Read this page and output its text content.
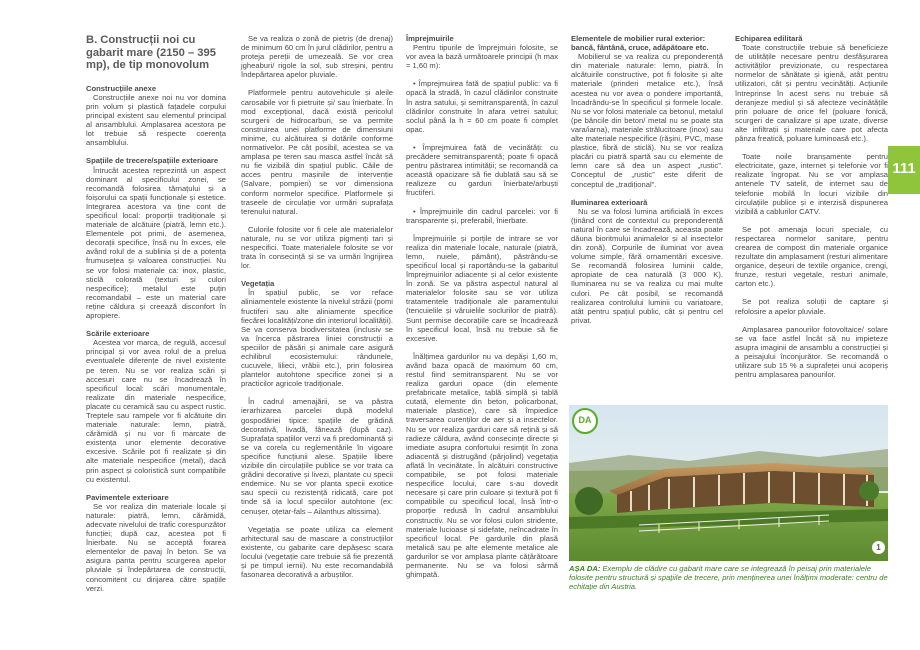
111
B. Construcții noi cu gabarit mare (2150 – 395 mp), de tip monovolum
Construcțiile anexe
Construcțiile anexe noi nu vor domina prin volum și plastică fațadele corpului principal existent sau elementul principal al ansamblului. Amplasarea acestora pe lot trebuie să respecte coerența ansamblului.
Spațiile de trecere/spațiile exterioare
Întrucât acestea reprezintă un aspect dominant al specificului zonei, se recomandă folosirea tărnațului și a foișorului ca spații funcționale și estetice. Integrarea acestora va ține cont de specificul local: proporții tradiționale și materiale de alcătuire (piatră, lemn etc.). Elementele pot primi, de asemenea, decorații specifice, însă nu în exces, ele având rolul de a sublinia și de a potența frumusețea și valoarea construcției. Nu se vor folosi materiale ca: inox, plastic, sticlă colorată (texturi și culori nespecifice); metalul este puțin recomandabil – este un material care reține căldura și creează disconfort în apropiere.
Scările exterioare
Acestea vor marca, de regulă, accesul principal și vor avea rolul de a prelua eventualele diferențe de nivel existente pe teren. Nu se vor realiza scări și accesuri care nu se încadrează în specificul local: scări monumentale, realizate din materiale nespecifice, placate cu ceramică sau cu aspect rustic. Treptele sau rampele vor fi alcătuite din materiale naturale: lemn, piatră, cărămidă și nu vor fi marcate de existența unor elemente decorative excesive. Scările pot fi realizate și din alte materiale nespecifice (metal), dacă prin aspect și coloristică sunt compatibile cu existentul.
Pavimentele exterioare
Se vor realiza din materiale locale și naturale: piatră, lemn, cărămidă, adecvate nivelului de trafic corespunzător funcției; după caz, acestea pot fi înierbate. Nu se acceptă fixarea elementelor de pavaj în beton. Se va asigura panta pentru scurgerea apelor pluviale și îndepărtarea de construcții, concomitent cu dirijarea către spațiile verzi.
Se va realiza o zonă de pietriș (de drenaj) de minimum 60 cm în jurul clădirilor, pentru a proteja pereții de umezeală. Se vor crea jgheaburi/ rigole la sol, sub streșini, pentru îndepărtarea apelor pluviale.
Platformele pentru autovehicule și aleile carosabile vor fi pietruite și/ sau înierbate. În mod excepțional, dacă există pericolul scurgerii de hidrocarburi, se va permite construirea unei platforme de dimensiuni minime, cu alcătuirea și dotările conforme normativelor. Pe cât posibil, acestea se va amplasa pe teren sau masca astfel încât să nu fie vizibilă din spațiul public. Căile de acces pentru mașinile de intervenție (Salvare, pompieri) se vor dimensiona conform normelor specifice. Platformele și traseele de circulație vor urmări suprafața terenului natural.
Culorile folosite vor fi cele ale materialelor naturale, nu se vor utiliza pigmenți tari și nespecifici. Toate materialele folosite se vor trata în consecință și se va urmări îngrijirea lor.
Vegetația
În spațiul public, se vor reface aliniamentele existente la nivelul străzii (pomi fructiferi sau alte aliniamente specifice fiecărei localități/zone din interiorul localității). Se va conserva biodiversitatea (inclusiv se va încerca păstrarea liniei construcții a speciilor de păsări și animale care asigură echilibrul ecosistemului: rândunele, cucuvele, lilieci, vrăbii etc.), prin folosirea plantelor autohtone specifice zonei și a practicilor agricole tradiționale.
În cadrul amenajării, se va păstra ierarhizarea parcelei după modelul gospodăriei tipice: spațiile de grădină decorativă, livadă, fânează (după caz). Suprafața spațiilor verzi va fi predominantă și se va corela cu reglementările în vigoare specifice funcțiunii alese. Spațiile libere vizibile din circulațiile publice se vor trata ca grădini decorative și livezi, plantate cu specii endemice. Nu se vor planta specii exotice sau specii cu rezistență ridicată, care pot tinde să ia locul speciilor autohtone (ex: cenușer, oțetar-fals – Ailanthus altissima).
Vegetația se poate utiliza ca element arhitectural sau de mascare a construcțiilor existente, cu gabarite care depășesc scara locului (vegetație care trebuie să fie prezentă și pe timpul iernii). Nu este recomandabilă fasonarea decorativă a arbuștilor.
Împrejmuirile
Pentru tipurile de împrejmuiri folosite, se vor avea la bază următoarele principii (h max = 1,60 m):
• Împrejmuirea fată de spațiul public: va fi opacă la stradă, în cazul clădirilor construite în astra satului, și semitransparentă, în cazul clădirilor construite în afara vetrei satului; soclul până la h = 60 cm poate fi complet opac.
• Împrejmuirea fată de vecinătăți: cu precădere semitransparentă; poate fi opacă pentru păstrarea intimității; se recomandă ca aceastâ opacizare să fie dublată sau să se realizeze cu garduri înierbate/arbuști fructiferi.
• Împrejmuirile din cadrul parcelei: vor fi transparente și, preferabil, înierbate.
Împrejmuirile și porțile de intrare se vor realiza din materiale locale, naturale (piatră, lemn, nuiele, pământ), păstrându-se specificul local și raportându-se la gabaritul împrejmuirilor adiacente și al celor existente în zonă. Se va păstra aspectul natural al materialelor folosite sau se vor utiliza tratamentele tradiționale ale paramentului (tencuielile și văruielile soclurilor de piatră). Sunt permise decorațiile care se încadrează în specificul local, însă nu trebuie să fie excesive.
Înălțimea gardurilor nu va depăși 1,60 m, având baza opacă de maximum 60 cm, restul fiind semitransparent. Nu se vor realiza garduri opace (din elemente prefabricate metalice, tablă simplă și tablă cutată, elemente din beton, policarbonat, materiale plastice), care să împiedice traversarea curenților de aer și a insectelor. Nu se vor realiza garduri care să rețină și să radieze căldura, având consecințe directe și imediate asupra confortului resimțit în zona adiacentă și distrugând (pârjolind) vegetația aflată în vecinătate. În alcătuiri constructive compatibile, se pot folosi materiale nespecifice locului, care s-au dovedit necesare și care prin culoare și textură pot fi compatibile cu specificul local, însă într-o proporție redusă în cadrul ansamblului constructiv. Nu se vor folosi culori stridente, materiale lucioase și sidefate, neîncadrate în specificul local. Pe gardurile din plasă metalică sau pe alte elemente metalice ale gardurilor se vor amplasa plante cățărătoare permanente. Nu se va folosi sârmă ghimpată.
Elementele de mobilier rural exterior: bancă, fântână, cruce, adăpătoare etc.
Mobilierul se va realiza cu preponderență din materiale naturale: lemn, piatră. În alcătuirile constructive, pot fi folosite și alte materiale (prinderi metalice etc.), însă acestea nu vor avea o pondere importantă, încadrându-se în specificul și formele locale. Nu se vor folosi materiale ca betonul, metalul (pe băncile din beton/ metal nu se poate sta vara/iarna), materiale strălucitoare (inox) sau alte materiale nespecifice (rășini, PVC, mase plastice, fibră de sticlă). Nu se vor realiza placări cu piatră spartă sau cu elemente de lemn care să dea un aspect „rustic”. Conceptul de „rustic” este diferit de conceptul de „tradițional”.
Iluminarea exterioară
Nu se va folosi lumina artificială în exces (ținând cont de contextul cu preponderență natural în care se încadrează, aceasta poate dăuna bioritmului animalelor și al insectelor din zonă). Corpurile de iluminat vor avea volume simple, fără ornamentări excesive. Se recomandă folosirea luminii calde, apropiate de cea naturală (3 000 K). Iluminarea nu se va realiza cu mai multe culori. Pe cât posibil, se recomandă realizarea controlului luminii cu variatoare, atât pentru spațiul public, cât și pentru cel privat.
Echiparea edilitară
Toate construcțiile trebuie să beneficieze de utilitățile necesare pentru desfășurarea activităților previzionate, cu respectarea normelor de sănătate și igienă, atât pentru utilizatori, cât și pentru vecinătăți. Acțiunile întreprinse în acest sens nu trebuie să deranjeze mediul și să afecteze vecinătățile prin poluare de orice fel (poluare fonică, scurgeri de canalizare și ape uzate, diverse alte infiltrații și materiale care pot afecta pânza freatică, poluare luminoasă etc.).
Toate noile branșamente pentru electricitate, gaze, internet și telefonie vor fi realizate îngropat. Nu se vor amplasa antenele TV satelit, de internet sau de telefonie mobilă în locuri vizibile din circulațiile publice și e interzisă dispunerea vizibilă a cablurilor CATV.
Se pot amenaja locuri speciale, cu respectarea normelor sanitare, pentru crearea de compost din materiale organice rezultate din amplasament (resturi alimentare organice, deșeuri de textile organice, crengi, frunze, resturi vegetale, resturi animale, carton etc.).
Se pot realiza soluții de captare și refolosire a apelor pluviale.
Amplasarea panourilor fotovoltaice/ solare se va face astfel încât să nu impieteze asupra imaginii de ansamblu a construcției și a peisajului înconjurător. Se recomandă o utilizare sub 15 % a suprafeței unui acoperiș pentru amplasarea panourilor.
DA
1
AȘA DA: Exemplu de clădire cu gabarit mare care se integrează în peisaj prin materialele folosite pentru structură și spațiile de trecere, prin menținerea unei înălțimi moderate: centru de echitație din Austria.
